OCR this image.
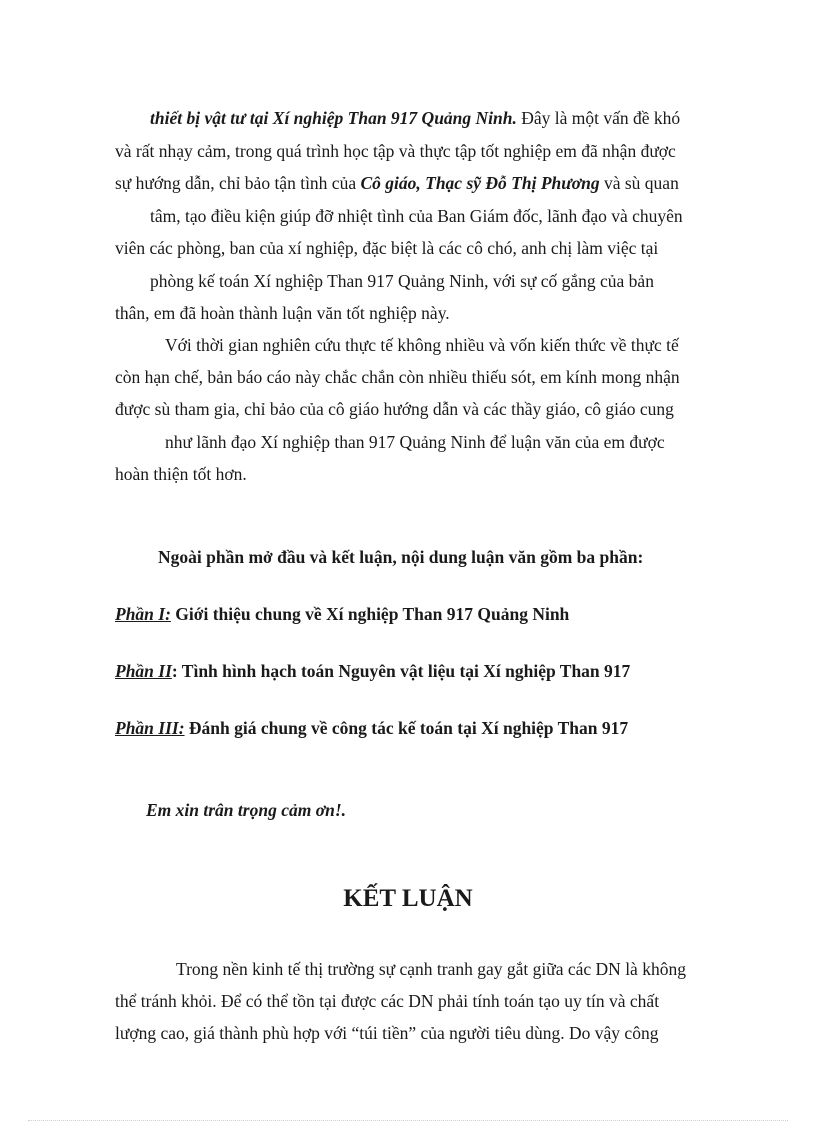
thiết bị vật tư tại Xí nghiệp Than 917 Quảng Ninh. Đây là một vấn đề khó
và rất nhạy cảm, trong quá trình học tập và thực tập tốt nghiệp em đã nhận được
sự hướng dẫn, chỉ bảo tận tình của Cô giáo, Thạc sỹ Đỗ Thị Phương và sù quan
tâm, tạo điều kiện giúp đỡ nhiệt tình của Ban Giám đốc, lãnh đạo và chuyên
viên các phòng, ban của xí nghiệp, đặc biệt là các cô chó, anh chị làm việc tại
phòng kế toán Xí nghiệp Than 917 Quảng Ninh, với sự cố gắng của bản
thân, em đã hoàn thành luận văn tốt nghiệp này.
Với thời gian nghiên cứu thực tế không nhiều và vốn kiến thức về thực tế
còn hạn chế, bản báo cáo này chắc chắn còn nhiều thiếu sót, em kính mong nhận
được sù tham gia, chỉ bảo của cô giáo hướng dẫn và các thầy giáo, cô giáo cung
như lãnh đạo Xí nghiệp than 917 Quảng Ninh để luận văn của em được
hoàn thiện tốt hơn.
Ngoài phần mở đầu và kết luận, nội dung luận văn gồm ba phần:
Phần I: Giới thiệu chung về Xí nghiệp Than 917 Quảng Ninh
Phần II: Tình hình hạch toán Nguyên vật liệu tại Xí nghiệp Than 917
Phần III: Đánh giá chung về công tác kế toán tại Xí nghiệp Than 917
Em xin trân trọng cảm ơn!.
KẾT LUẬN
Trong nền kinh tế thị trường sự cạnh tranh gay gắt giữa các DN là không
thể tránh khỏi. Để có thể tồn tại được các DN phải tính toán tạo uy tín và chất
lượng cao, giá thành phù hợp với “túi tiền” của người tiêu dùng. Do vậy công
